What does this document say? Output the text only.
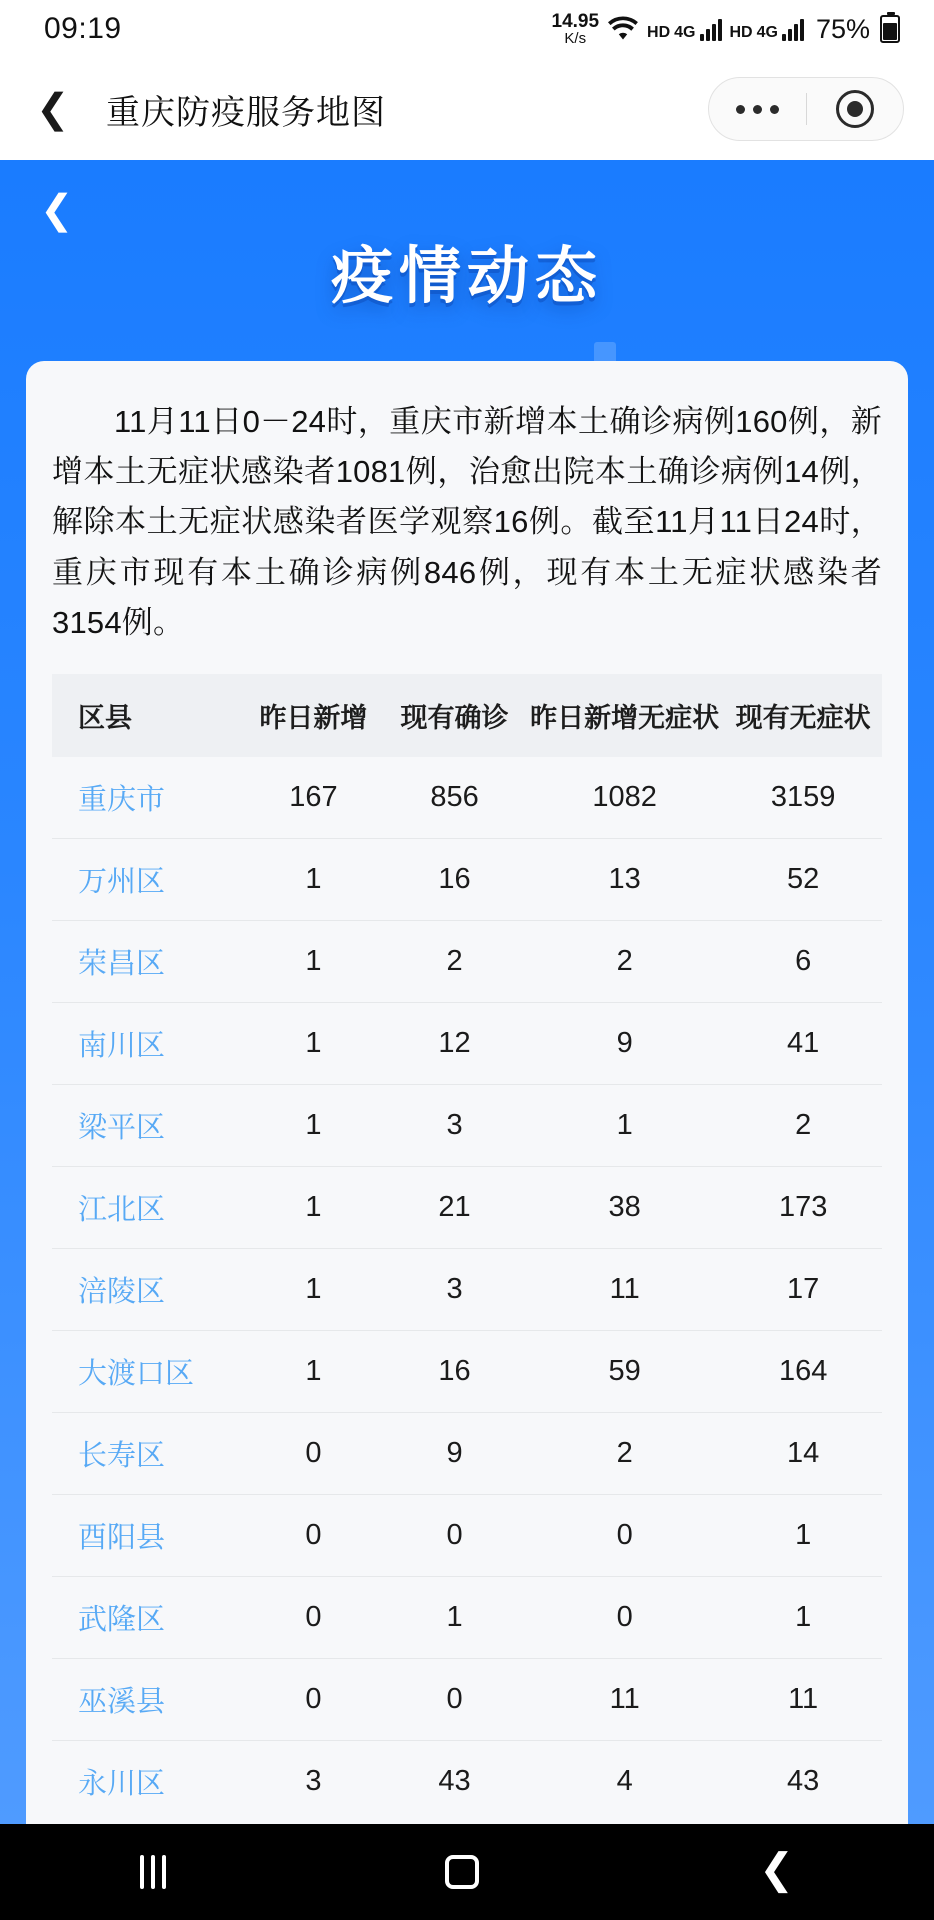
09:19	14.95
K/s	HD 4G HD 4G 75%
❮	重庆防疫服务地图
❮
疫情动态

11月11日0－24时，重庆市新增本土确诊病例160例，新增本土无症状感染者1081例，治愈出院本土确诊病例14例，解除本土无症状感染者医学观察16例。截至11月11日24时，重庆市现有本土确诊病例846例，现有本土无症状感染者3154例。

区县	昨日新增	现有确诊	昨日新增无症状	现有无症状
重庆市	167	856	1082	3159
万州区	1	16	13	52
荣昌区	1	2	2	6
南川区	1	12	9	41
梁平区	1	3	1	2
江北区	1	21	38	173
涪陵区	1	3	11	17
大渡口区	1	16	59	164
长寿区	0	9	2	14
酉阳县	0	0	0	1
武隆区	0	1	0	1
巫溪县	0	0	11	11
永川区	3	43	4	43
❮
